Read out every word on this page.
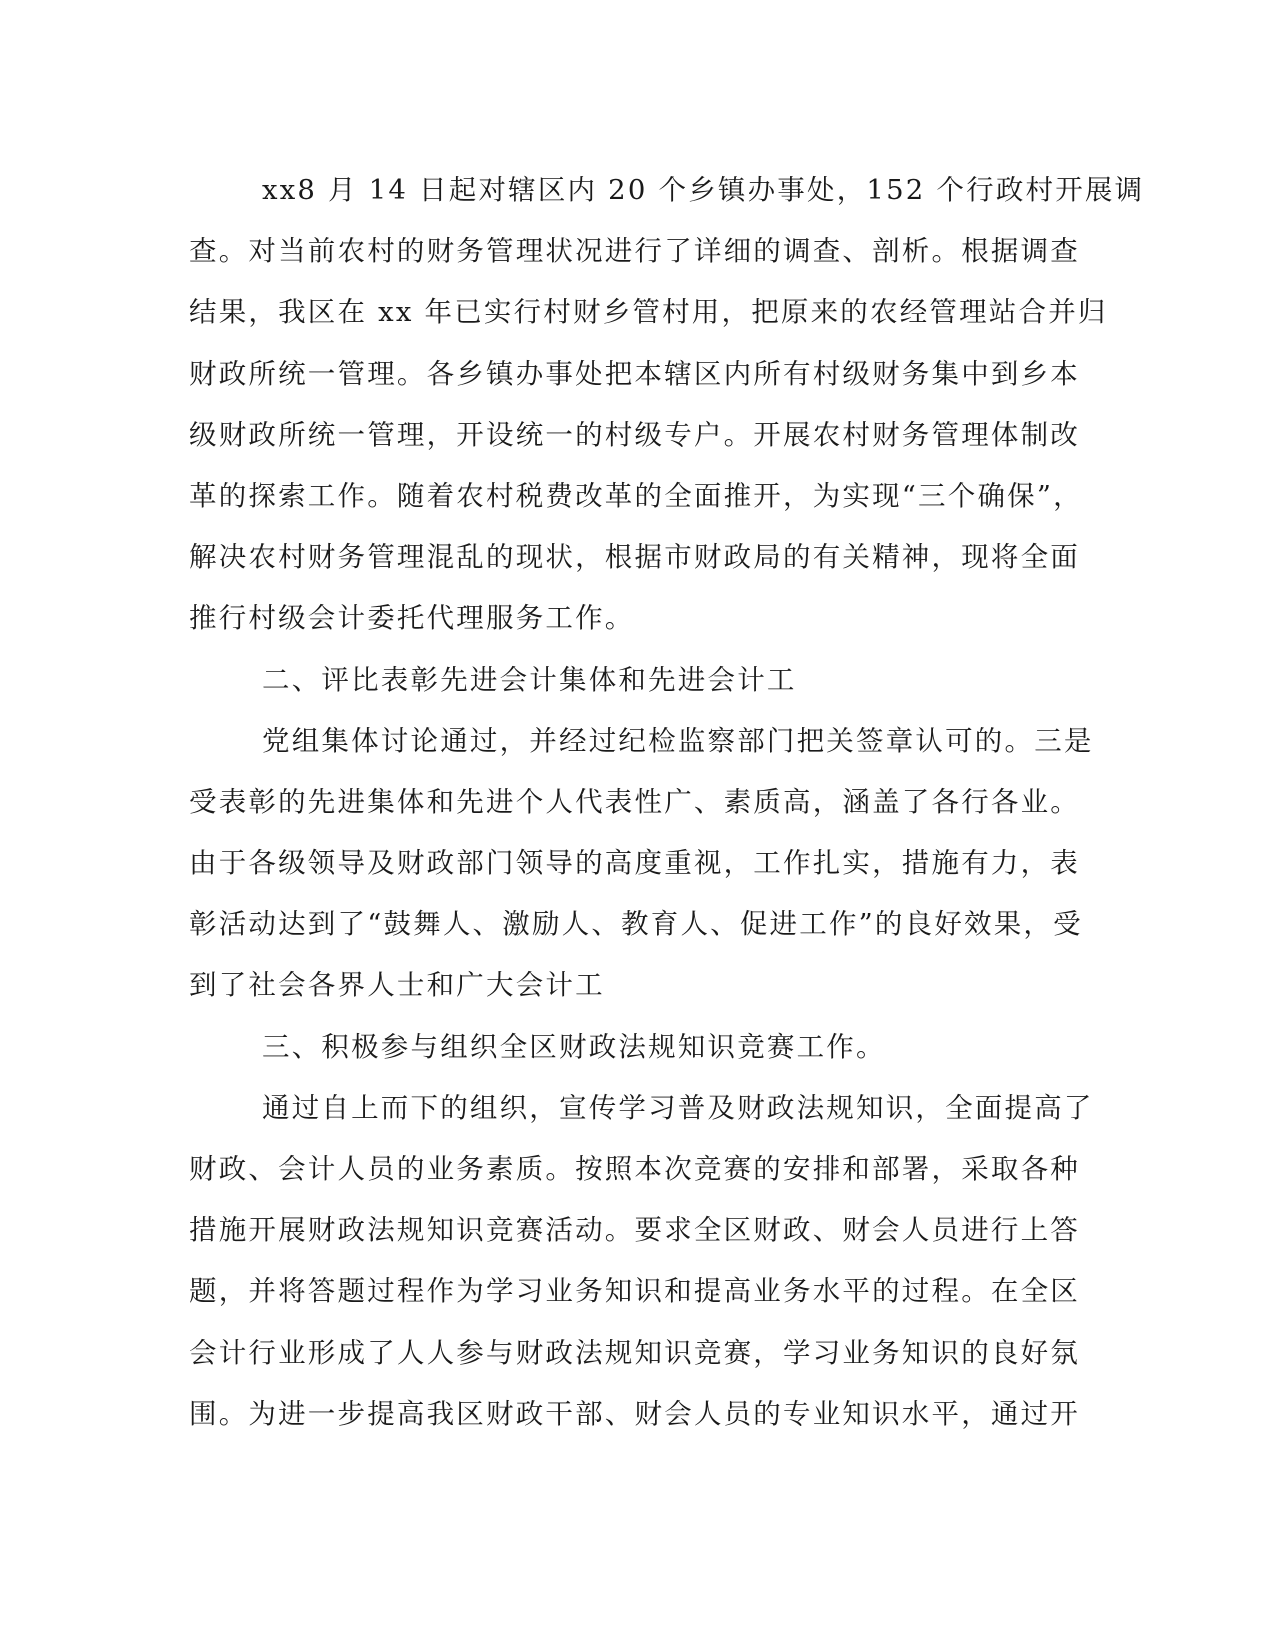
xx8 月 14 日起对辖区内 20 个乡镇办事处，152 个行政村开展调
查。对当前农村的财务管理状况进行了详细的调查、剖析。根据调查
结果，我区在 xx 年已实行村财乡管村用，把原来的农经管理站合并归
财政所统一管理。各乡镇办事处把本辖区内所有村级财务集中到乡本
级财政所统一管理，开设统一的村级专户。开展农村财务管理体制改
革的探索工作。随着农村税费改革的全面推开，为实现“三个确保”，
解决农村财务管理混乱的现状，根据市财政局的有关精神，现将全面
推行村级会计委托代理服务工作。
二、评比表彰先进会计集体和先进会计工
党组集体讨论通过，并经过纪检监察部门把关签章认可的。三是
受表彰的先进集体和先进个人代表性广、素质高，涵盖了各行各业。
由于各级领导及财政部门领导的高度重视，工作扎实，措施有力，表
彰活动达到了“鼓舞人、激励人、教育人、促进工作”的良好效果，受
到了社会各界人士和广大会计工
三、积极参与组织全区财政法规知识竞赛工作。
通过自上而下的组织，宣传学习普及财政法规知识，全面提高了
财政、会计人员的业务素质。按照本次竞赛的安排和部署，采取各种
措施开展财政法规知识竞赛活动。要求全区财政、财会人员进行上答
题，并将答题过程作为学习业务知识和提高业务水平的过程。在全区
会计行业形成了人人参与财政法规知识竞赛，学习业务知识的良好氛
围。为进一步提高我区财政干部、财会人员的专业知识水平，通过开
